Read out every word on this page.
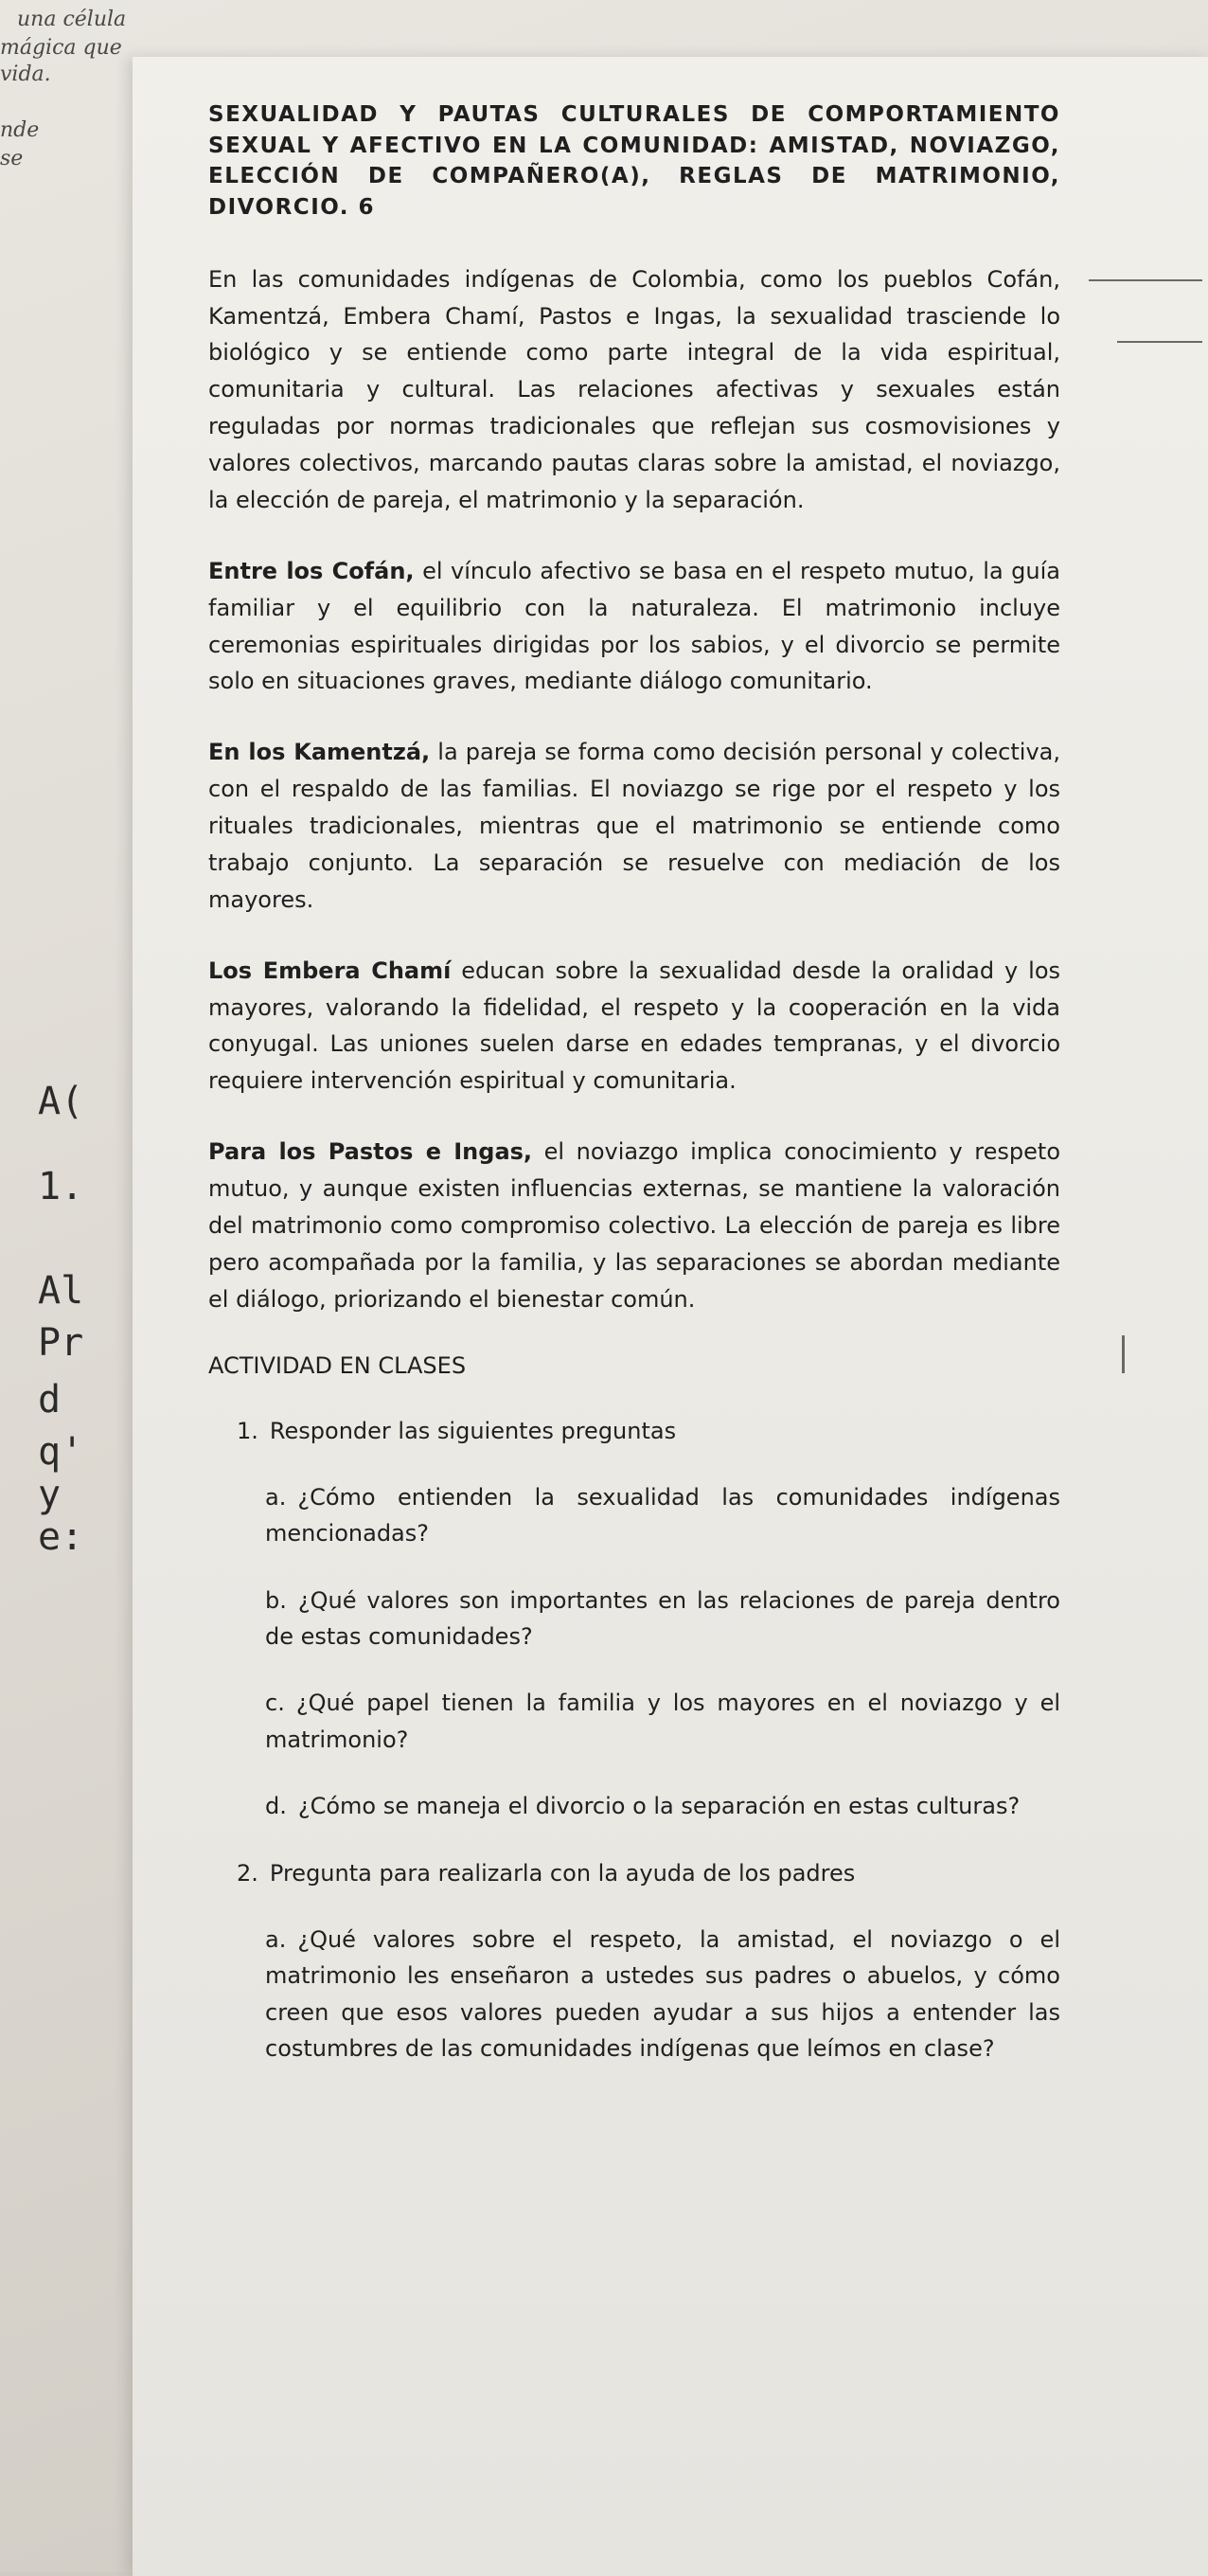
una célula

mágica que

vida.

nde

se

A(

1.

Al

Pr

d

q'

y

e:

SEXUALIDAD Y PAUTAS CULTURALES DE COMPORTAMIENTO SEXUAL Y AFECTIVO EN LA COMUNIDAD: AMISTAD, NOVIAZGO, ELECCIÓN DE COMPAÑERO(A), REGLAS DE MATRIMONIO, DIVORCIO. 6

En las comunidades indígenas de Colombia, como los pueblos Cofán, Kamentzá, Embera Chamí, Pastos e Ingas, la sexualidad trasciende lo biológico y se entiende como parte integral de la vida espiritual, comunitaria y cultural. Las relaciones afectivas y sexuales están reguladas por normas tradicionales que reflejan sus cosmovisiones y valores colectivos, marcando pautas claras sobre la amistad, el noviazgo, la elección de pareja, el matrimonio y la separación.

Entre los Cofán, el vínculo afectivo se basa en el respeto mutuo, la guía familiar y el equilibrio con la naturaleza. El matrimonio incluye ceremonias espirituales dirigidas por los sabios, y el divorcio se permite solo en situaciones graves, mediante diálogo comunitario.

En los Kamentzá, la pareja se forma como decisión personal y colectiva, con el respaldo de las familias. El noviazgo se rige por el respeto y los rituales tradicionales, mientras que el matrimonio se entiende como trabajo conjunto. La separación se resuelve con mediación de los mayores.

Los Embera Chamí educan sobre la sexualidad desde la oralidad y los mayores, valorando la fidelidad, el respeto y la cooperación en la vida conyugal. Las uniones suelen darse en edades tempranas, y el divorcio requiere intervención espiritual y comunitaria.

Para los Pastos e Ingas, el noviazgo implica conocimiento y respeto mutuo, y aunque existen influencias externas, se mantiene la valoración del matrimonio como compromiso colectivo. La elección de pareja es libre pero acompañada por la familia, y las separaciones se abordan mediante el diálogo, priorizando el bienestar común.

ACTIVIDAD EN CLASES

1. Responder las siguientes preguntas

a. ¿Cómo entienden la sexualidad las comunidades indígenas mencionadas?

b. ¿Qué valores son importantes en las relaciones de pareja dentro de estas comunidades?

c. ¿Qué papel tienen la familia y los mayores en el noviazgo y el matrimonio?

d. ¿Cómo se maneja el divorcio o la separación en estas culturas?

2. Pregunta para realizarla con la ayuda de los padres

a. ¿Qué valores sobre el respeto, la amistad, el noviazgo o el matrimonio les enseñaron a ustedes sus padres o abuelos, y cómo creen que esos valores pueden ayudar a sus hijos a entender las costumbres de las comunidades indígenas que leímos en clase?
